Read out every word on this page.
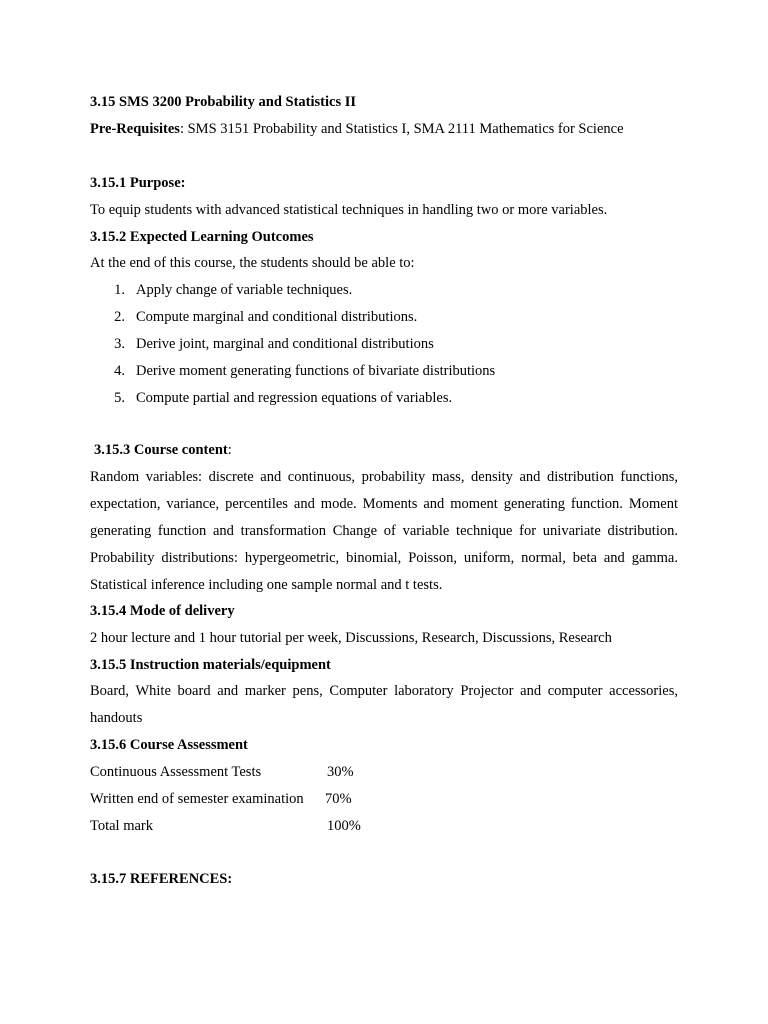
3.15 SMS 3200 Probability and Statistics II
Pre-Requisites: SMS 3151 Probability and Statistics I, SMA 2111 Mathematics for Science
3.15.1 Purpose:
To equip students with advanced statistical techniques in handling two or more variables.
3.15.2 Expected Learning Outcomes
At the end of this course, the students should be able to:
1. Apply change of variable techniques.
2. Compute marginal and conditional distributions.
3. Derive joint, marginal and conditional distributions
4. Derive moment generating functions of bivariate distributions
5. Compute partial and regression equations of variables.
3.15.3 Course content:
Random variables: discrete and continuous, probability mass, density and distribution functions,
expectation, variance, percentiles and mode. Moments and moment generating function. Moment
generating function and transformation Change of variable technique for univariate distribution.
Probability distributions: hypergeometric, binomial, Poisson, uniform, normal, beta and gamma.
Statistical inference including one sample normal and t tests.
3.15.4 Mode of delivery
2 hour lecture and 1 hour tutorial per week, Discussions, Research, Discussions, Research
3.15.5 Instruction materials/equipment
Board, White board and marker pens, Computer laboratory Projector and computer accessories,
handouts
3.15.6 Course Assessment
Continuous Assessment Tests	30%
Written end of semester examination 70%
Total mark	100%
3.15.7 REFERENCES:
